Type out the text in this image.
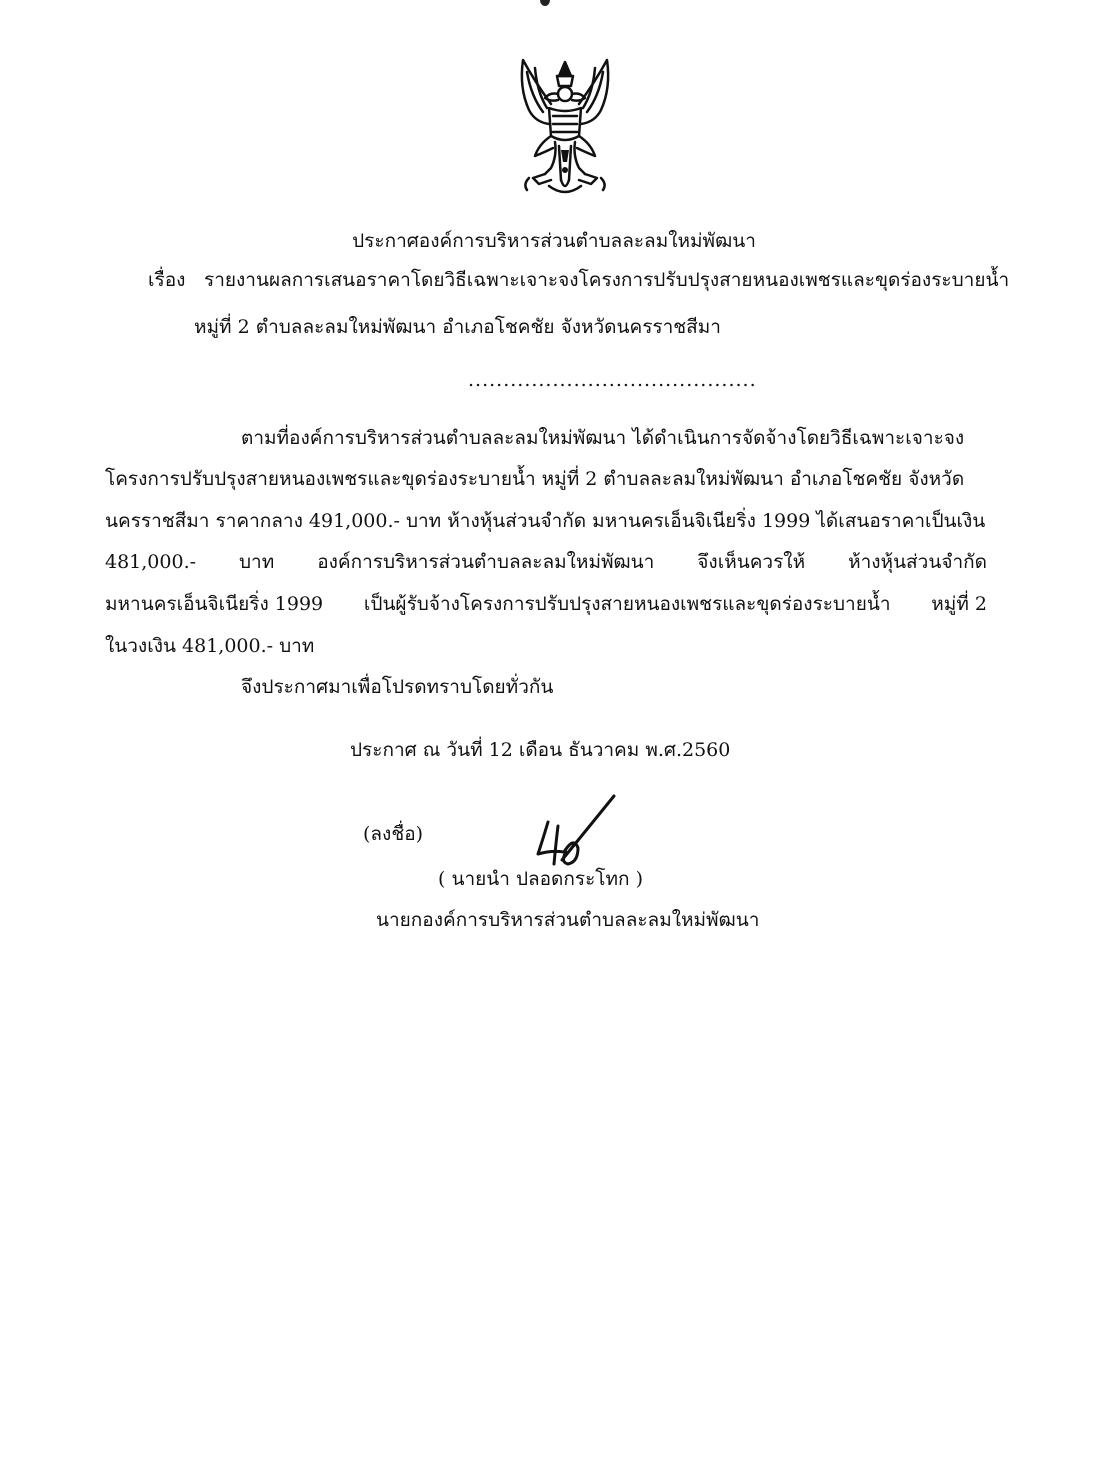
ประกาศองค์การบริหารส่วนตำบลละลมใหม่พัฒนา
เรื่อง รายงานผลการเสนอราคาโดยวิธีเฉพาะเจาะจงโครงการปรับปรุงสายหนองเพชรและขุดร่องระบายน้ำ
หมู่ที่ 2 ตำบลละลมใหม่พัฒนา อำเภอโชคชัย จังหวัดนครราชสีมา
.........................................
ตามที่องค์การบริหารส่วนตำบลละลมใหม่พัฒนา ได้ดำเนินการจัดจ้างโดยวิธีเฉพาะเจาะจง
โครงการปรับปรุงสายหนองเพชรและขุดร่องระบายน้ำ หมู่ที่ 2 ตำบลละลมใหม่พัฒนา อำเภอโชคชัย จังหวัด
นครราชสีมา ราคากลาง 491,000.- บาท ห้างหุ้นส่วนจำกัด มหานครเอ็นจิเนียริ่ง 1999 ได้เสนอราคาเป็นเงิน
481,000.- บาท องค์การบริหารส่วนตำบลละลมใหม่พัฒนา จึงเห็นควรให้ ห้างหุ้นส่วนจำกัด
มหานครเอ็นจิเนียริ่ง 1999 เป็นผู้รับจ้างโครงการปรับปรุงสายหนองเพชรและขุดร่องระบายน้ำ หมู่ที่ 2
ในวงเงิน 481,000.- บาท
จึงประกาศมาเพื่อโปรดทราบโดยทั่วกัน
ประกาศ ณ วันที่ 12 เดือน ธันวาคม พ.ศ.2560
(ลงชื่อ)
( นายนำ ปลอดกระโทก )
นายกองค์การบริหารส่วนตำบลละลมใหม่พัฒนา
